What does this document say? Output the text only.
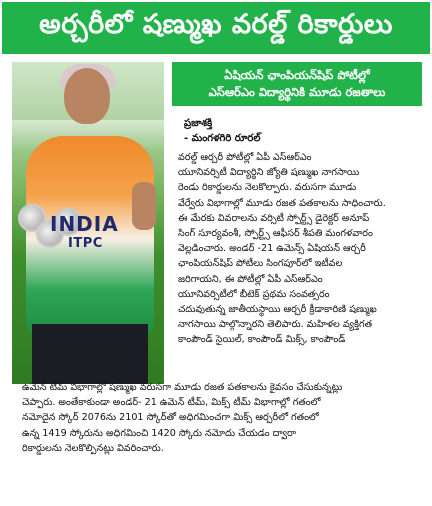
అర్చరీలో షణ్ముఖ వరల్డ్ రికార్డులు
INDIA
ITPC
ఏషియన్ ఛాంపియన్‌షిప్ పోటీల్లో
ఎస్ఆర్ఎం విద్యార్థినికి మూడు రజతాలు
ప్రజాశక్తి
- మంగళగిరి రూరల్
వరల్డ్ ఆర్చరీ పోటీల్లో ఏపీ ఎస్ఆర్ఎం
యూనివర్సిటీ విద్యార్థిని జ్యోతి షణ్ముఖ నాగసాయి
రెండు రికార్డులను నెలకొల్పారు. వరుసగా మూడు
వేర్వేరు విభాగాల్లో మూడు రజత పతకాలను సాధించారు.
ఈ మేరకు వివరాలను వర్సిటీ స్పోర్ట్స్ డైరెక్టర్ అనూప్
సింగ్ సూర్యవంశీ, స్పోర్ట్స్ ఆఫీసర్ శీపతి మంగళవారం
వెల్లడించారు. అండర్ -21 ఉమెన్స్ ఏషియన్ ఆర్చరీ
ఛాంపియన్‌షిప్ పోటీలు సింగపూర్‌లో ఇటీవల
జరిగాయని, ఈ పోటీల్లో ఏపీ ఎస్ఆర్ఎం
యూనివర్సిటీలో బీటెక్ ప్రథమ సంవత్సరం
చదువుతున్న జాతీయస్థాయి ఆర్చరీ క్రీడాకారిణి షణ్ముఖ
నాగసాయి పాల్గొన్నారని తెలిపారు. మహిళల వ్యక్తిగత
కాంపౌండ్ సైయిల్, కాంపౌండ్ మిక్స్, కాంపౌండ్
ఉమెన్ టీమ్ విభాగాల్లో షణ్ముఖ వరుసగా మూడు రజత పతకాలను కైవసం చేసుకున్నట్లు
చెప్పారు. అంతేకాకుండా అండర్- 21 ఉమెన్ టీమ్, మిక్స్ టీమ్ విభాగాల్లో గతంలో
నమోదైన స్కోర్ 2076ను 2101 స్కోర్‌తో అధిగమించగా మిక్స్ ఆర్చరీలో గతంలో
ఉన్న 1419 స్కోరును అధిగమించి 1420 స్కోరు నమోదు చేయడం ద్వారా
రికార్డులను నెలకొల్పినట్లు వివరించారు.
